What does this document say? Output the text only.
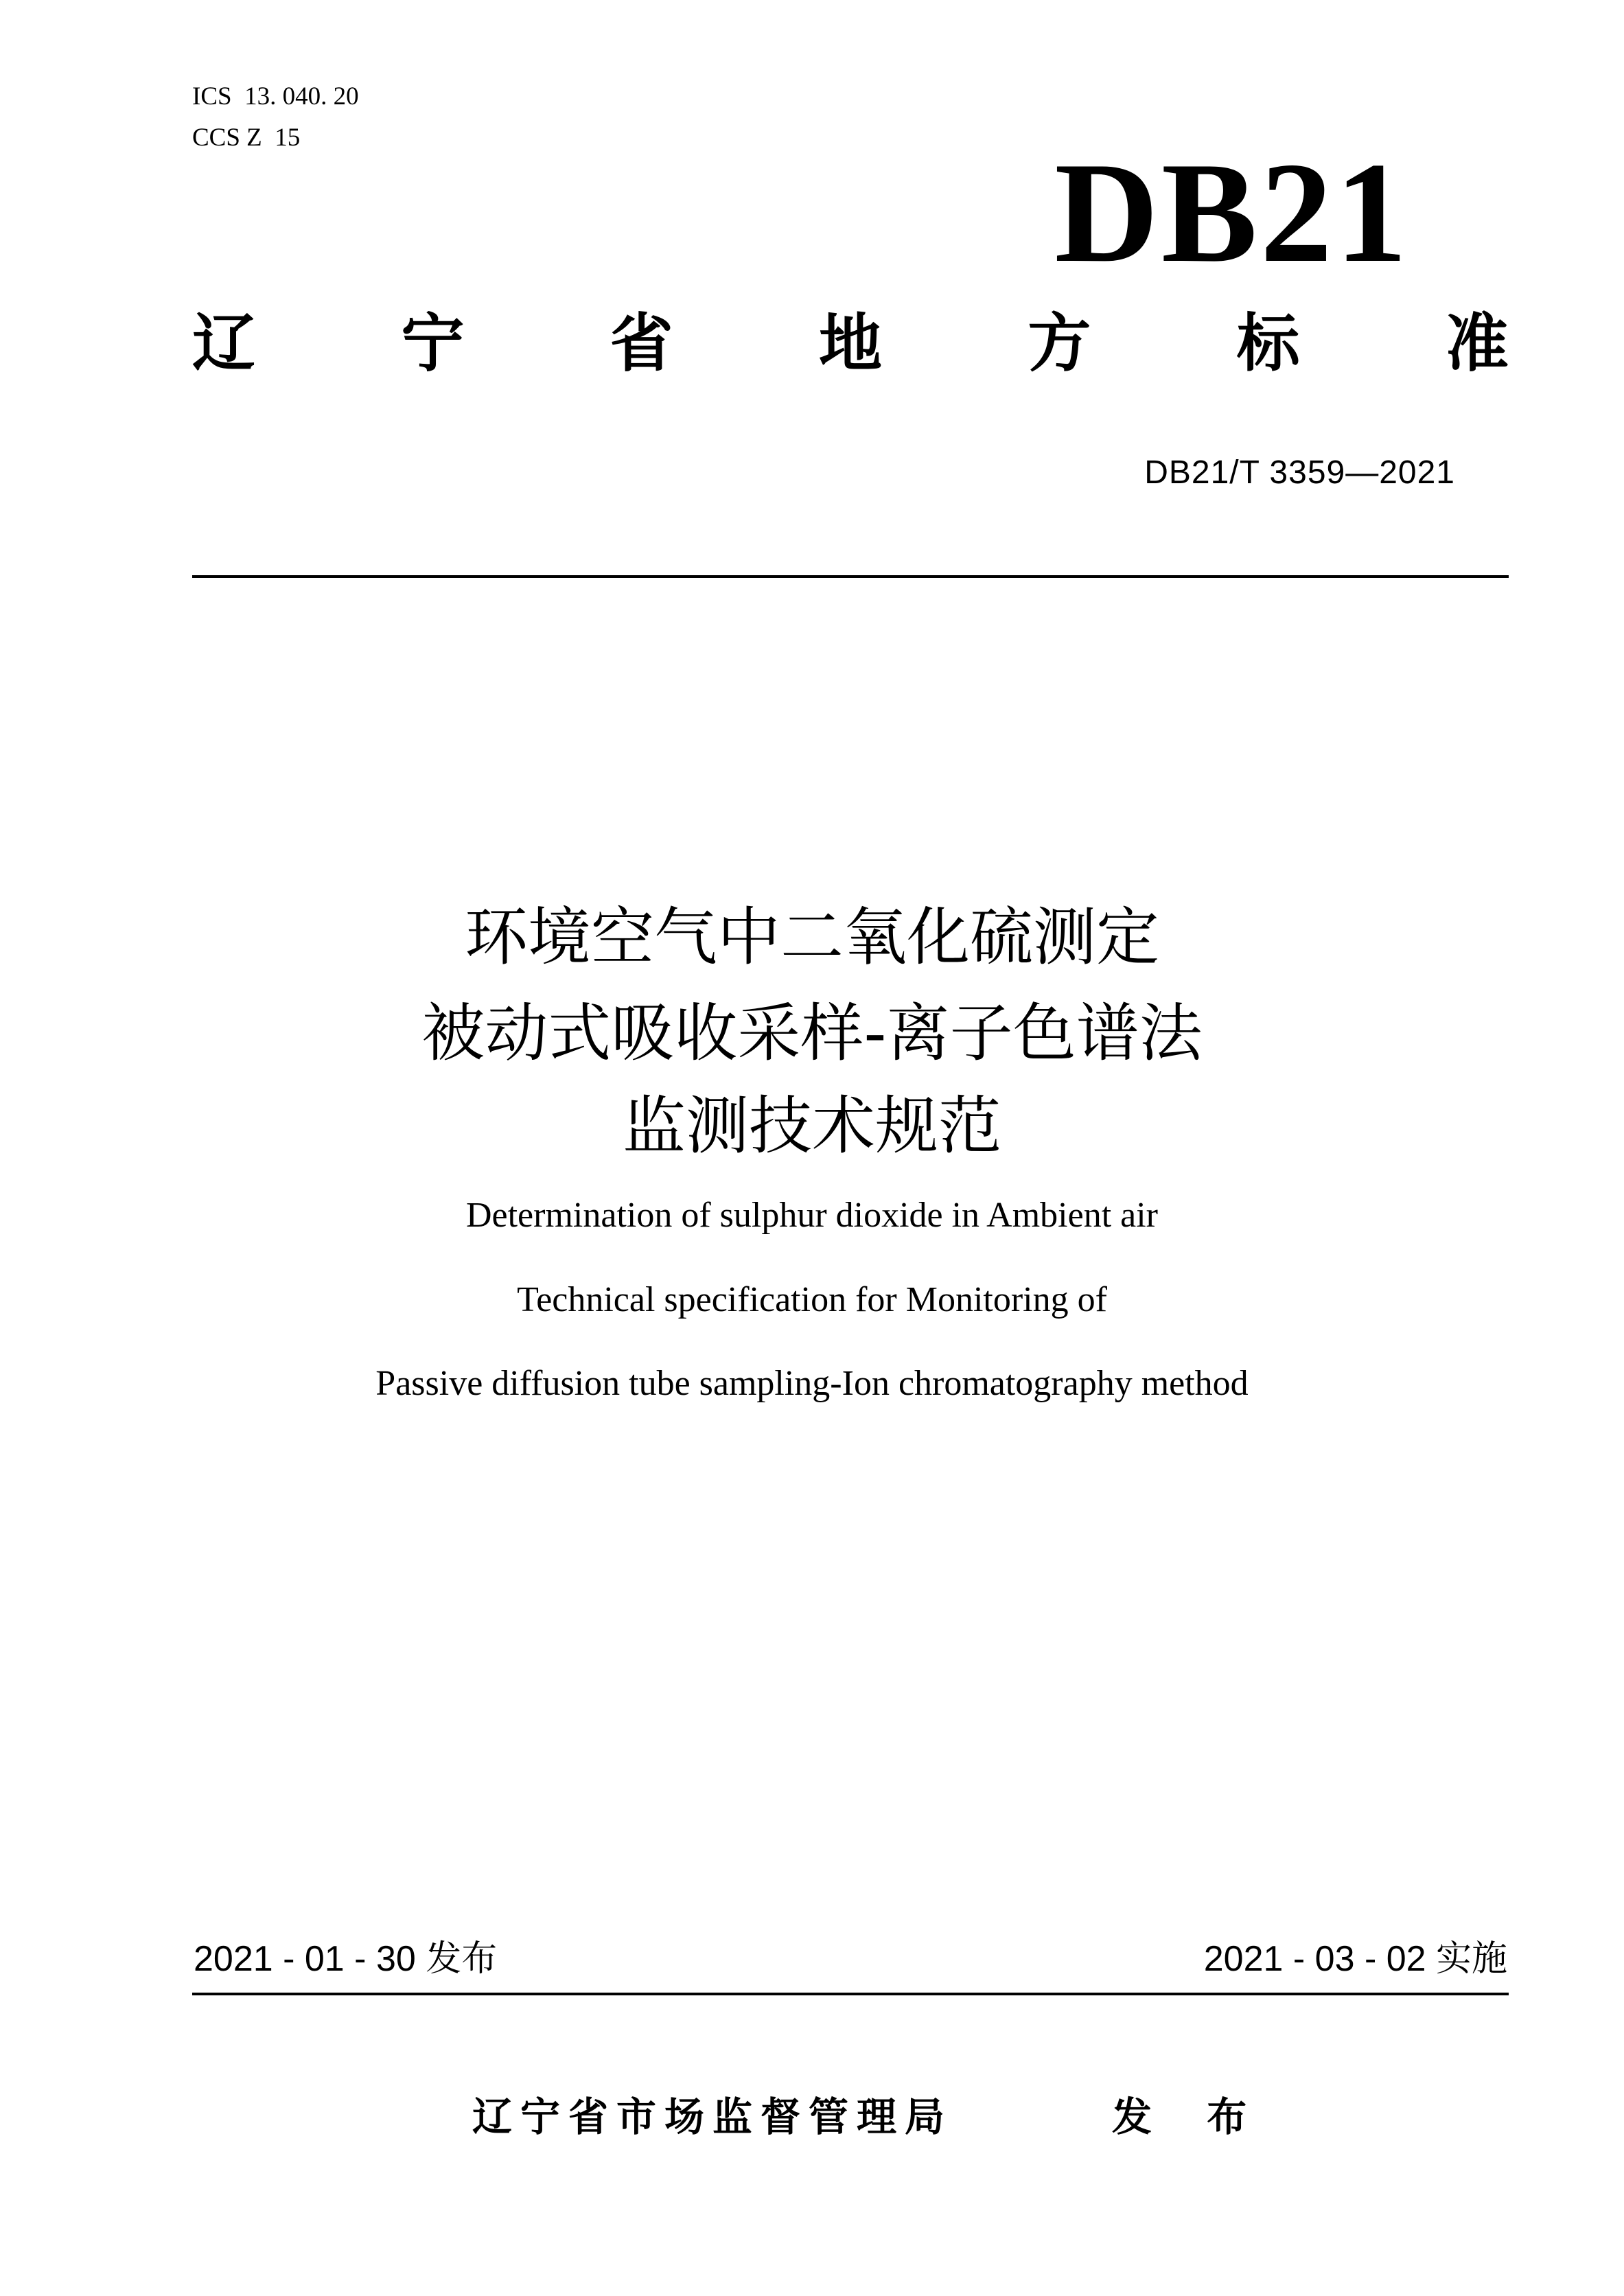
ICS  13. 040. 20
CCS Z  15	DB21
辽 宁 省 地 方 标 准
DB21/T 3359—2021
环境空气中二氧化硫测定
被动式吸收采样-离子色谱法
监测技术规范
Determination of sulphur dioxide in Ambient air
Technical specification for Monitoring of
Passive diffusion tube sampling-Ion chromatography method
2021 - 01 - 30 发布	2021 - 03 - 02 实施
辽宁省市场监督管理局	发 布
